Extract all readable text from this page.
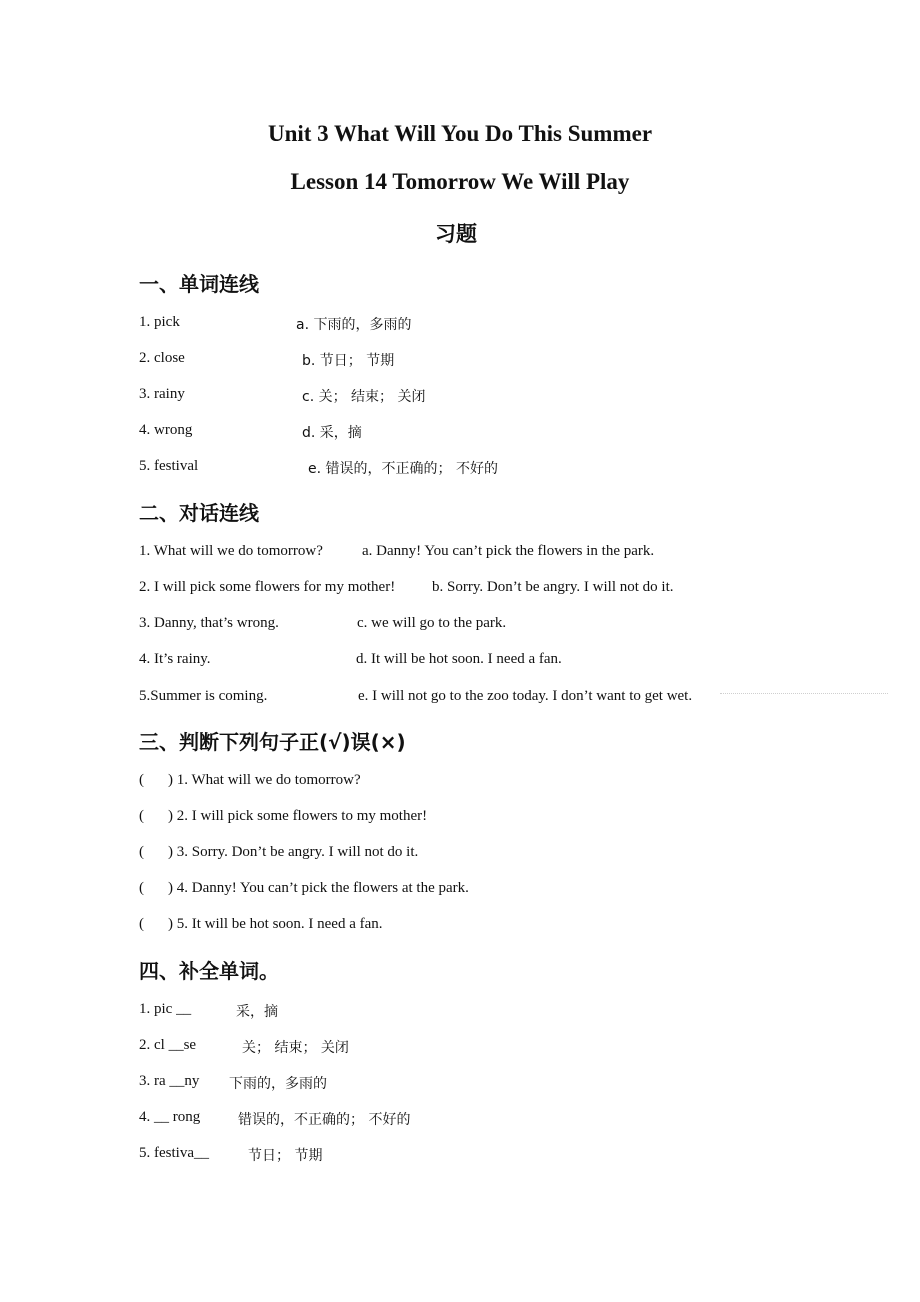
Unit 3 What Will You Do This Summer
Lesson 14 Tomorrow We Will Play
习题
一、单词连线
1. pick	a. 下雨的，多雨的
2. close	b. 节日； 节期
3. rainy	c. 关； 结束； 关闭
4. wrong	d. 采，摘
5. festival	e. 错误的，不正确的； 不好的
二、对话连线
1. What will we do tomorrow?	a. Danny! You can’t pick the flowers in the park.
2. I will pick some flowers for my mother! b. Sorry. Don’t be angry. I will not do it.
3. Danny, that’s wrong.	c. we will go to the park.
4. It’s rainy.	d. It will be hot soon. I need a fan.
5.Summer is coming.	e. I will not go to the zoo today. I don’t want to get wet.
三、判断下列句子正(√)误(×)
( ) 1. What will we do tomorrow?
( ) 2. I will pick some flowers to my mother!
( ) 3. Sorry. Don’t be angry. I will not do it.
( ) 4. Danny! You can’t pick the flowers at the park.
( ) 5. It will be hot soon. I need a fan.
四、补全单词。
1. pic __	采，摘
2. cl __se	关； 结束； 关闭
3. ra __ny 下雨的，多雨的
4. __ rong	错误的，不正确的； 不好的
5. festiva__	节日； 节期
